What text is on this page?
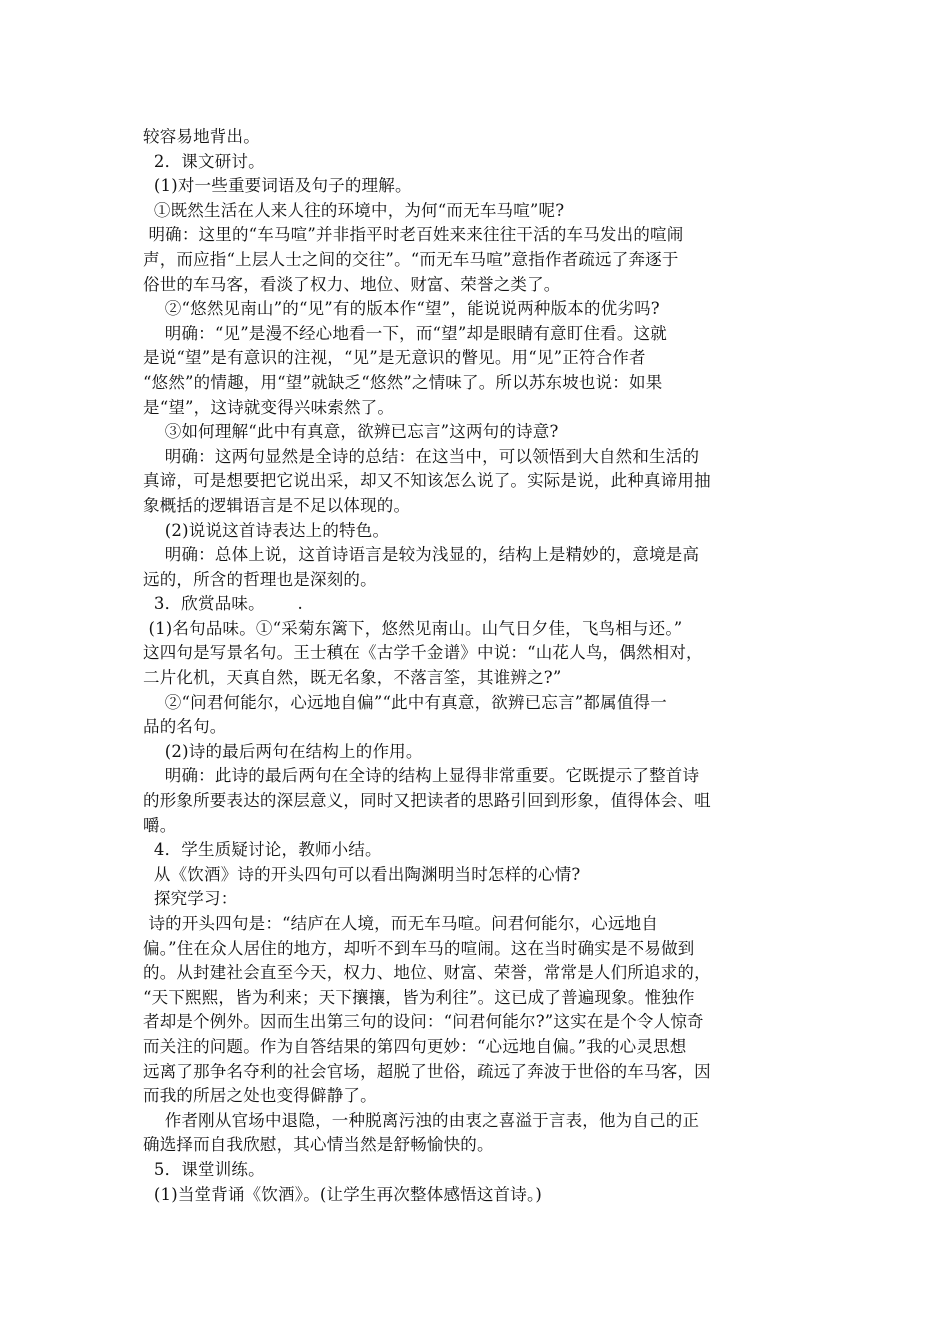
较容易地背出。
2．课文研讨。
(1)对一些重要词语及句子的理解。
①既然生活在人来人往的环境中，为何“而无车马喧”呢?
明确：这里的“车马喧”并非指平时老百姓来来往往干活的车马发出的喧闹
声，而应指“上层人士之间的交往”。“而无车马喧”意指作者疏远了奔逐于
俗世的车马客，看淡了权力、地位、财富、荣誉之类了。
②“悠然见南山”的“见”有的版本作“望”，能说说两种版本的优劣吗?
明确：“见”是漫不经心地看一下，而“望”却是眼睛有意盯住看。这就
是说“望”是有意识的注视，“见”是无意识的瞥见。用“见”正符合作者
“悠然”的情趣，用“望”就缺乏“悠然”之情味了。所以苏东坡也说：如果
是“望”，这诗就变得兴味索然了。
③如何理解“此中有真意，欲辨已忘言”这两句的诗意?
明确：这两句显然是全诗的总结：在这当中，可以领悟到大自然和生活的
真谛，可是想要把它说出采，却又不知该怎么说了。实际是说，此种真谛用抽
象概括的逻辑语言是不足以体现的。
(2)说说这首诗表达上的特色。
明确：总体上说，这首诗语言是较为浅显的，结构上是精妙的，意境是高
远的，所含的哲理也是深刻的。
3．欣赏品味。      .
(1)名句品味。①“采菊东篱下，悠然见南山。山气日夕佳，飞鸟相与还。”
这四句是写景名句。王士稹在《古学千金谱》中说：“山花人鸟，偶然相对，
二片化机，天真自然，既无名象，不落言筌，其谁辨之?”
②“问君何能尔，心远地自偏”“此中有真意，欲辨已忘言”都属值得一
品的名句。
(2)诗的最后两句在结构上的作用。
明确：此诗的最后两句在全诗的结构上显得非常重要。它既提示了整首诗
的形象所要表达的深层意义，同时又把读者的思路引回到形象，值得体会、咀
嚼。
4．学生质疑讨论，教师小结。
从《饮酒》诗的开头四句可以看出陶渊明当时怎样的心情?
探究学习：
诗的开头四句是：“结庐在人境，而无车马喧。问君何能尔，心远地自
偏。”住在众人居住的地方，却听不到车马的喧闹。这在当时确实是不易做到
的。从封建社会直至今天，权力、地位、财富、荣誉，常常是人们所追求的，
“天下熙熙，皆为利来；天下攘攘，皆为利往”。这已成了普遍现象。惟独作
者却是个例外。因而生出第三句的设问：“问君何能尔?”这实在是个令人惊奇
而关注的问题。作为自答结果的第四句更妙：“心远地自偏。”我的心灵思想
远离了那争名夺利的社会官场，超脱了世俗，疏远了奔波于世俗的车马客，因
而我的所居之处也变得僻静了。
作者刚从官场中退隐，一种脱离污浊的由衷之喜溢于言表，他为自己的正
确选择而自我欣慰，其心情当然是舒畅愉快的。
5．课堂训练。
(1)当堂背诵《饮酒》。(让学生再次整体感悟这首诗。)
